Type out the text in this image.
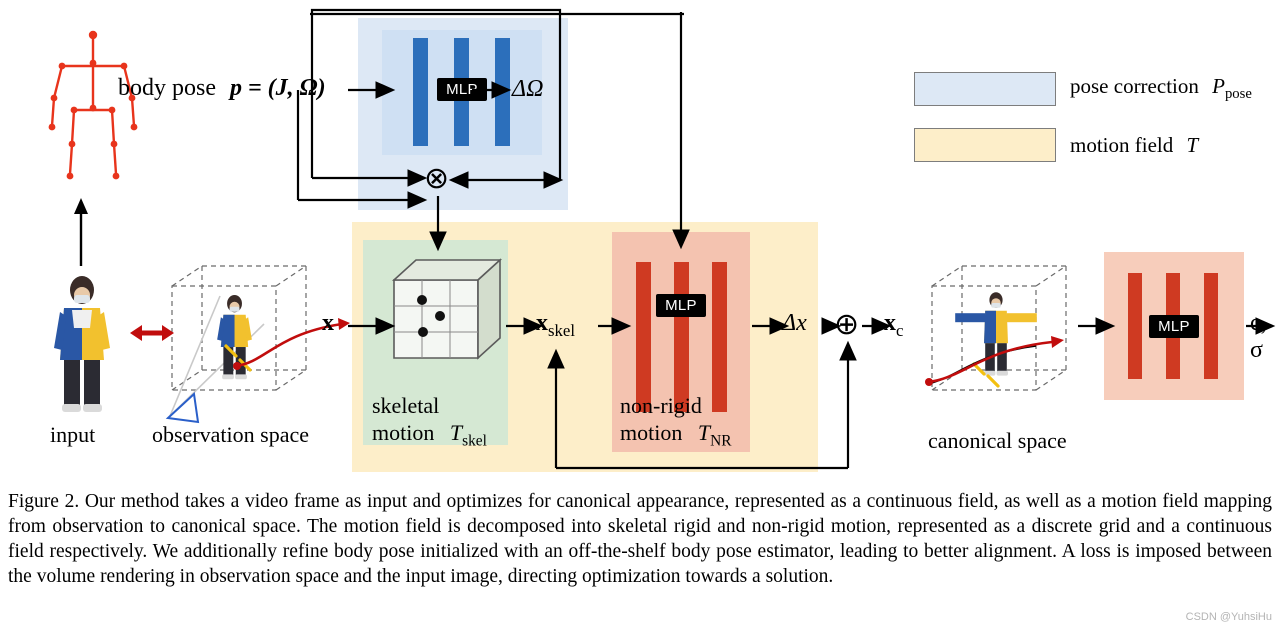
MLP
MLP
MLP
⊗
⊕
body pose p = (J, Ω)	ΔΩ
x	$x_{skel}$	Δx	$x_c$	c, σ
skeletal
motion $T_{skel}$
non-rigid
motion $T_{NR}$
input	observation space	canonical space
pose correction $P_{pose}$
motion field T
Figure 2. Our method takes a video frame as input and optimizes for canonical appearance, represented as a continuous field, as well as a motion field mapping from observation to canonical space. The motion field is decomposed into skeletal rigid and non-rigid motion, represented as a discrete grid and a continuous field respectively. We additionally refine body pose initialized with an off-the-shelf body pose estimator, leading to better alignment. A loss is imposed between the volume rendering in observation space and the input image, directing optimization towards a solution.
CSDN @YuhsiHu
